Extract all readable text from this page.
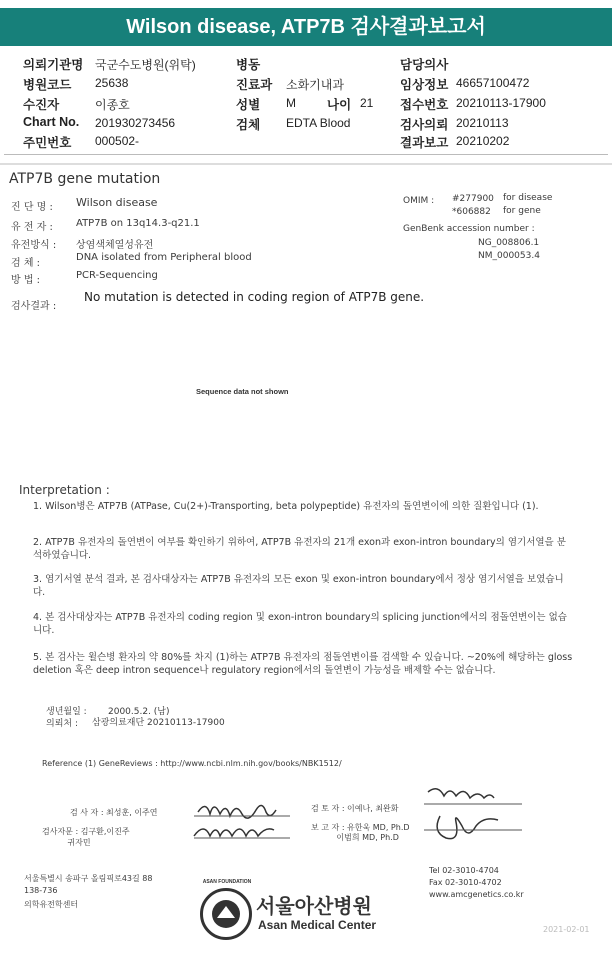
Wilson disease, ATP7B 검사결과보고서
의뢰기관명 국군수도병원(위탁)
병원코드 25638
수진자	이종호
Chart No. 201930273456
주민번호 000502-
병동
진료과 소화기내과
성별 M 나이 21
검체 EDTA Blood
담당의사
임상정보 46657100472
접수번호 20210113-17900
검사의뢰 20210113
결과보고 20210202
ATP7B gene mutation
진 단 명 : Wilson disease
유 전 자 : ATP7B on 13q14.3-q21.1
유전방식 : 상염색체열성유전
검 체 :
DNA isolated from Peripheral blood
방 법 :	PCR-Sequencing
OMIM : #277900 for disease
*606882 for gene
GenBenk accession number :
NG_008806.1
NM_000053.4
검사결과 :
No mutation is detected in coding region of ATP7B gene.
Sequence data not shown
Interpretation :
1. Wilson병은 ATP7B (ATPase, Cu(2+)-Transporting, beta polypeptide) 유전자의 돌연변이에 의한 질환입니다 (1).
2. ATP7B 유전자의 돌연변이 여부를 확인하기 위하여, ATP7B 유전자의 21개 exon과 exon-intron boundary의 염기서열을 분석하였습니다.
3. 염기서열 분석 결과, 본 검사대상자는 ATP7B 유전자의 모든 exon 및 exon-intron boundary에서 정상 염기서열을 보였습니다.
4. 본 검사대상자는 ATP7B 유전자의 coding region 및 exon-intron boundary의 splicing junction에서의 점돌연변이는 없습니다.
5. 본 검사는 윌슨병 환자의 약 80%를 차지 (1)하는 ATP7B 유전자의 점돌연변이를 검색할 수 있습니다. ~20%에 해당하는 gloss deletion 혹은 deep intron sequence나 regulatory region에서의 돌연변이 가능성을 배제할 수는 없습니다.
생년월일 : 2000.5.2. (남)
의뢰처 : 삼광의료재단 20210113-17900
Reference (1) GeneReviews : http://www.ncbi.nlm.nih.gov/books/NBK1512/
검 사 자 : 최성훈, 이주연
검사자문 : 김구환,이진주
귀자민
검 토 자 : 이예나, 최완화
보 고 자 : 유한욱 MD, Ph.D
이범희 MD, Ph.D
서울특별시 송파구 올림픽로43길 88
138-736
의학유전학센터
ASAN FOUNDATION
서울아산병원
Asan Medical Center
Tel 02-3010-4704
Fax 02-3010-4702
www.amcgenetics.co.kr
2021-02-01
